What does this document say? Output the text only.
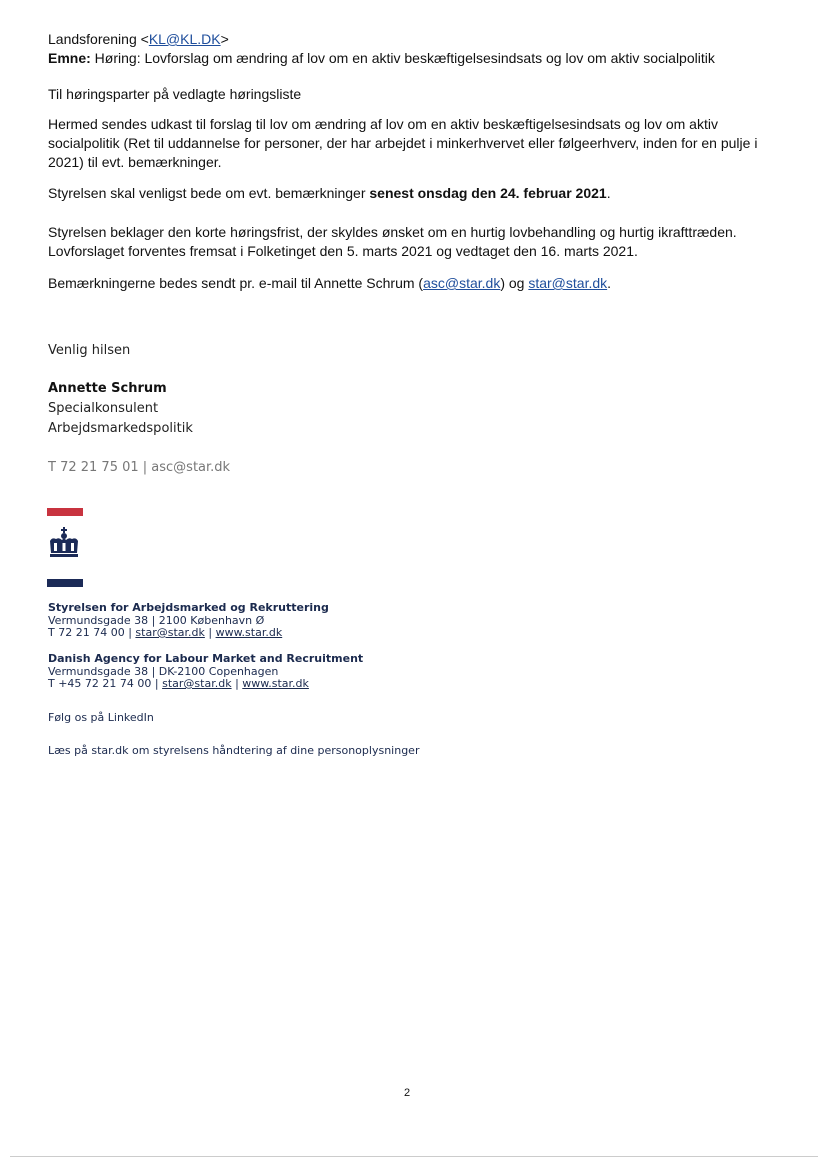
Landsforening <KL@KL.DK>

Emne: Høring: Lovforslag om ændring af lov om en aktiv beskæftigelsesindsats og lov om aktiv socialpolitik

Til høringsparter på vedlagte høringsliste

Hermed sendes udkast til forslag til lov om ændring af lov om en aktiv beskæftigelsesindsats og lov om aktiv

socialpolitik (Ret til uddannelse for personer, der har arbejdet i minkerhvervet eller følgeerhverv, inden for en pulje i

2021) til evt. bemærkninger.

Styrelsen skal venligst bede om evt. bemærkninger senest onsdag den 24. februar 2021.

Styrelsen beklager den korte høringsfrist, der skyldes ønsket om en hurtig lovbehandling og hurtig ikrafttræden.

Lovforslaget forventes fremsat i Folketinget den 5. marts 2021 og vedtaget den 16. marts 2021.

Bemærkningerne bedes sendt pr. e-mail til Annette Schrum (asc@star.dk) og star@star.dk.

Venlig hilsen

Annette Schrum

Specialkonsulent

Arbejdsmarkedspolitik

T 72 21 75 01 | asc@star.dk

Styrelsen for Arbejdsmarked og Rekruttering
Vermundsgade 38 | 2100 København Ø
T 72 21 74 00 | star@star.dk | www.star.dk
Danish Agency for Labour Market and Recruitment
Vermundsgade 38 | DK-2100 Copenhagen
T +45 72 21 74 00 | star@star.dk | www.star.dk

Følg os på LinkedIn

Læs på star.dk om styrelsens håndtering af dine personoplysninger

2
